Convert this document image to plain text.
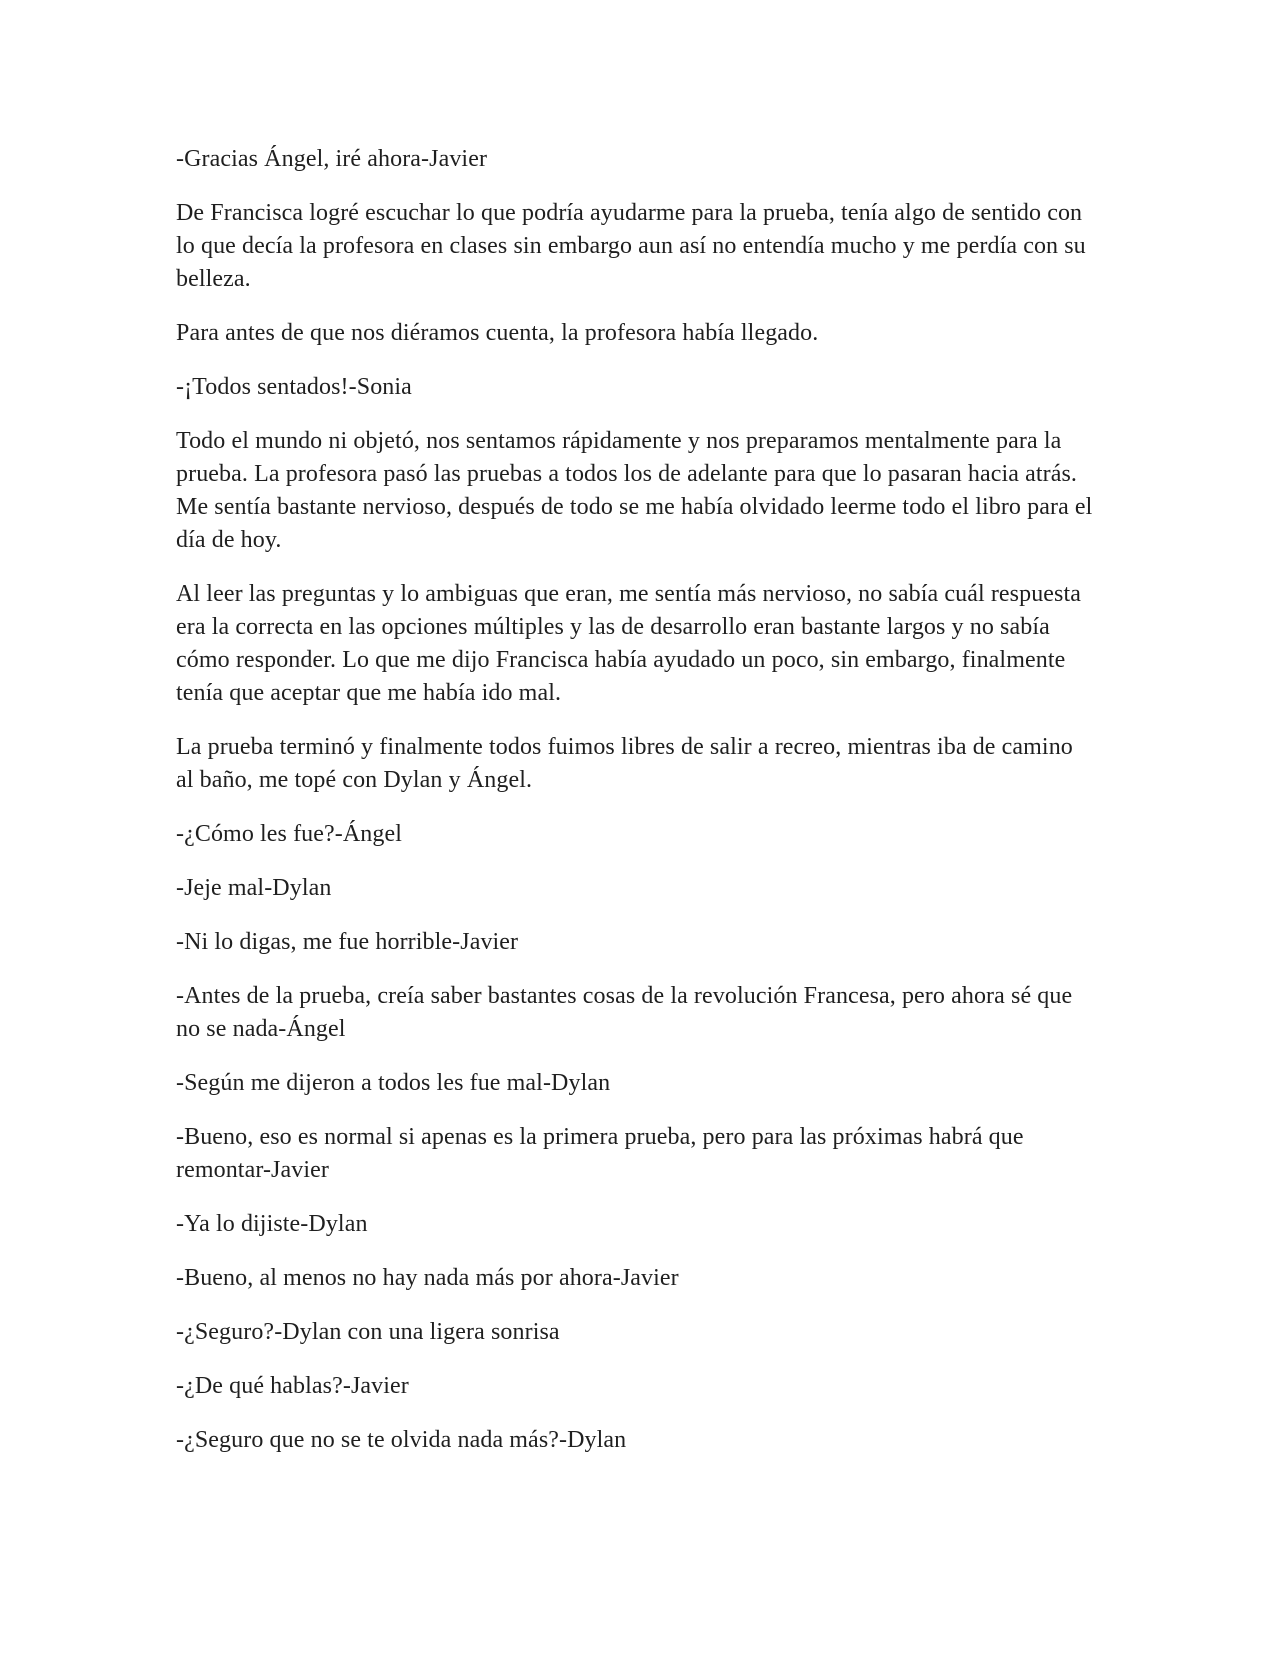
-Gracias Ángel, iré ahora-Javier

De Francisca logré escuchar lo que podría ayudarme para la prueba, tenía algo de sentido con lo que decía la profesora en clases sin embargo aun así no entendía mucho y me perdía con su belleza.

Para antes de que nos diéramos cuenta, la profesora había llegado.

-¡Todos sentados!-Sonia

Todo el mundo ni objetó, nos sentamos rápidamente y nos preparamos mentalmente para la prueba. La profesora pasó las pruebas a todos los de adelante para que lo pasaran hacia atrás. Me sentía bastante nervioso, después de todo se me había olvidado leerme todo el libro para el día de hoy.

Al leer las preguntas y lo ambiguas que eran, me sentía más nervioso, no sabía cuál respuesta era la correcta en las opciones múltiples y las de desarrollo eran bastante largos y no sabía cómo responder. Lo que me dijo Francisca había ayudado un poco, sin embargo, finalmente tenía que aceptar que me había ido mal.

La prueba terminó y finalmente todos fuimos libres de salir a recreo, mientras iba de camino al baño, me topé con Dylan y Ángel.

-¿Cómo les fue?-Ángel

-Jeje mal-Dylan

-Ni lo digas, me fue horrible-Javier

-Antes de la prueba, creía saber bastantes cosas de la revolución Francesa, pero ahora sé que no se nada-Ángel

-Según me dijeron a todos les fue mal-Dylan

-Bueno, eso es normal si apenas es la primera prueba, pero para las próximas habrá que remontar-Javier

-Ya lo dijiste-Dylan

-Bueno, al menos no hay nada más por ahora-Javier

-¿Seguro?-Dylan con una ligera sonrisa

-¿De qué hablas?-Javier

-¿Seguro que no se te olvida nada más?-Dylan
